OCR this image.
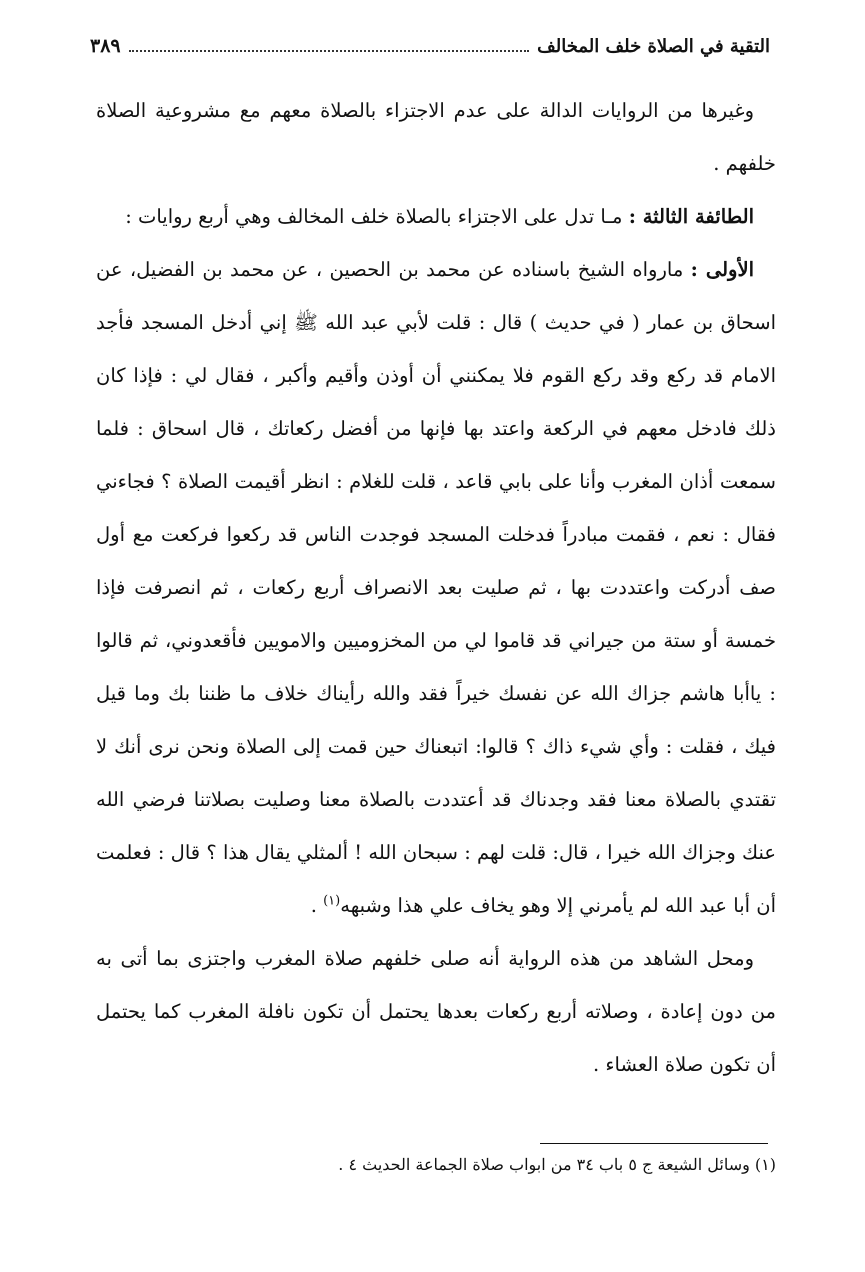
التقية في الصلاة خلف المخالف
٣٨٩

وغيرها من الروايات الدالة على عدم الاجتزاء بالصلاة معهم مع مشروعية الصلاة خلفهم .

الطائفة الثالثة : مـا تدل على الاجتزاء بالصلاة خلف المخالف وهي أربع روايات :

الأولى : مارواه الشيخ باسناده عن محمد بن الحصين ، عن محمد بن الفضيل، عن اسحاق بن عمار ( في حديث ) قال : قلت لأبي عبد الله ﷺ إني أدخل المسجد فأجد الامام قد ركع وقد ركع القوم فلا يمكنني أن أوذن وأقيم وأكبر ، فقال لي : فإذا كان ذلك فادخل معهم في الركعة واعتد بها فإنها من أفضل ركعاتك ، قال اسحاق : فلما سمعت أذان المغرب وأنا على بابي قاعد ، قلت للغلام : انظر أقيمت الصلاة ؟ فجاءني فقال : نعم ، فقمت مبادراً فدخلت المسجد فوجدت الناس قد ركعوا فركعت مع أول صف أدركت واعتددت بها ، ثم صليت بعد الانصراف أربع ركعات ، ثم انصرفت فإذا خمسة أو ستة من جيراني قد قاموا لي من المخزوميين والامويين فأقعدوني، ثم قالوا : ياأبا هاشم جزاك الله عن نفسك خيراً فقد والله رأيناك خلاف ما ظننا بك وما قيل فيك ، فقلت : وأي شيء ذاك ؟ قالوا: اتبعناك حين قمت إلى الصلاة ونحن نرى أنك لا تقتدي بالصلاة معنا فقد وجدناك قد أعتددت بالصلاة معنا وصليت بصلاتنا فرضي الله عنك وجزاك الله خيرا ، قال: قلت لهم : سبحان الله ! ألمثلي يقال هذا ؟ قال : فعلمت أن أبا عبد الله لم يأمرني إلا وهو يخاف علي هذا وشبهه$^{(١)}$ .

ومحل الشاهد من هذه الرواية أنه صلى خلفهم صلاة المغرب واجتزى بما أتى به من دون إعادة ، وصلاته أربع ركعات بعدها يحتمل أن تكون نافلة المغرب كما يحتمل أن تكون صلاة العشاء .

(١) وسائل الشيعة ج ٥ باب ٣٤ من ابواب صلاة الجماعة الحديث ٤ .
